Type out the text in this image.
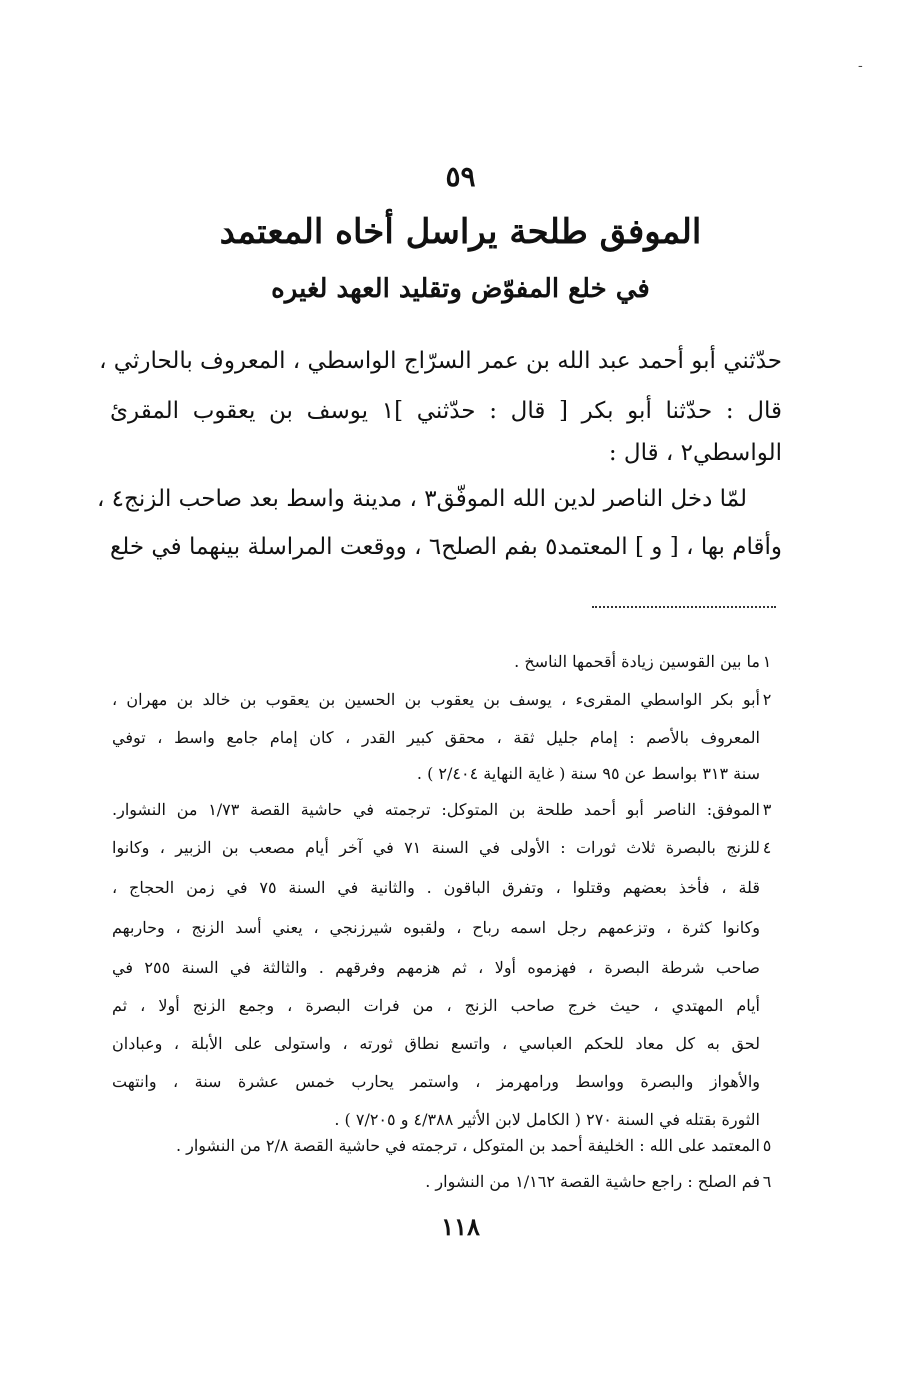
-
٥٩
الموفق طلحة يراسل أخاه المعتمد
في خلع المفوّض وتقليد العهد لغيره
حدّثني أبو أحمد عبد الله بن عمر السرّاج الواسطي ، المعروف بالحارثي ،
قال : حدّثنا أبو بكر [ قال : حدّثني ]١ يوسف بن يعقوب المقرئ
الواسطي٢ ، قال :
لمّا دخل الناصر لدين الله الموفّق٣ ، مدينة واسط بعد صاحب الزنج٤ ،
وأقام بها ، [ و ] المعتمد٥ بفم الصلح٦ ، ووقعت المراسلة بينهما في خلع
١
ما بين القوسين زيادة أقحمها الناسخ .
٢
أبو بكر الواسطي المقرىء ، يوسف بن يعقوب بن الحسين بن يعقوب بن خالد بن مهران ،
المعروف بالأصم : إمام جليل ثقة ، محقق كبير القدر ، كان إمام جامع واسط ، توفي
سنة ٣١٣ بواسط عن ٩٥ سنة ( غاية النهاية ٢/٤٠٤ ) .
٣
الموفق: الناصر أبو أحمد طلحة بن المتوكل: ترجمته في حاشية القصة ١/٧٣ من النشوار.
٤
للزنج بالبصرة ثلاث ثورات : الأولى في السنة ٧١ في آخر أيام مصعب بن الزبير ، وكانوا
قلة ، فأخذ بعضهم وقتلوا ، وتفرق الباقون . والثانية في السنة ٧٥ في زمن الحجاج ،
وكانوا كثرة ، وتزعمهم رجل اسمه رباح ، ولقبوه شيرزنجي ، يعني أسد الزنج ، وحاربهم
صاحب شرطة البصرة ، فهزموه أولا ، ثم هزمهم وفرقهم . والثالثة في السنة ٢٥٥ في
أيام المهتدي ، حيث خرج صاحب الزنج ، من فرات البصرة ، وجمع الزنج أولا ، ثم
لحق به كل معاد للحكم العباسي ، واتسع نطاق ثورته ، واستولى على الأبلة ، وعبادان
والأهواز والبصرة وواسط ورامهرمز ، واستمر يحارب خمس عشرة سنة ، وانتهت
الثورة بقتله في السنة ٢٧٠ ( الكامل لابن الأثير ٤/٣٨٨ و ٧/٢٠٥ ) .
٥
المعتمد على الله : الخليفة أحمد بن المتوكل ، ترجمته في حاشية القصة ٢/٨ من النشوار .
٦
فم الصلح : راجع حاشية القصة ١/١٦٢ من النشوار .
١١٨
